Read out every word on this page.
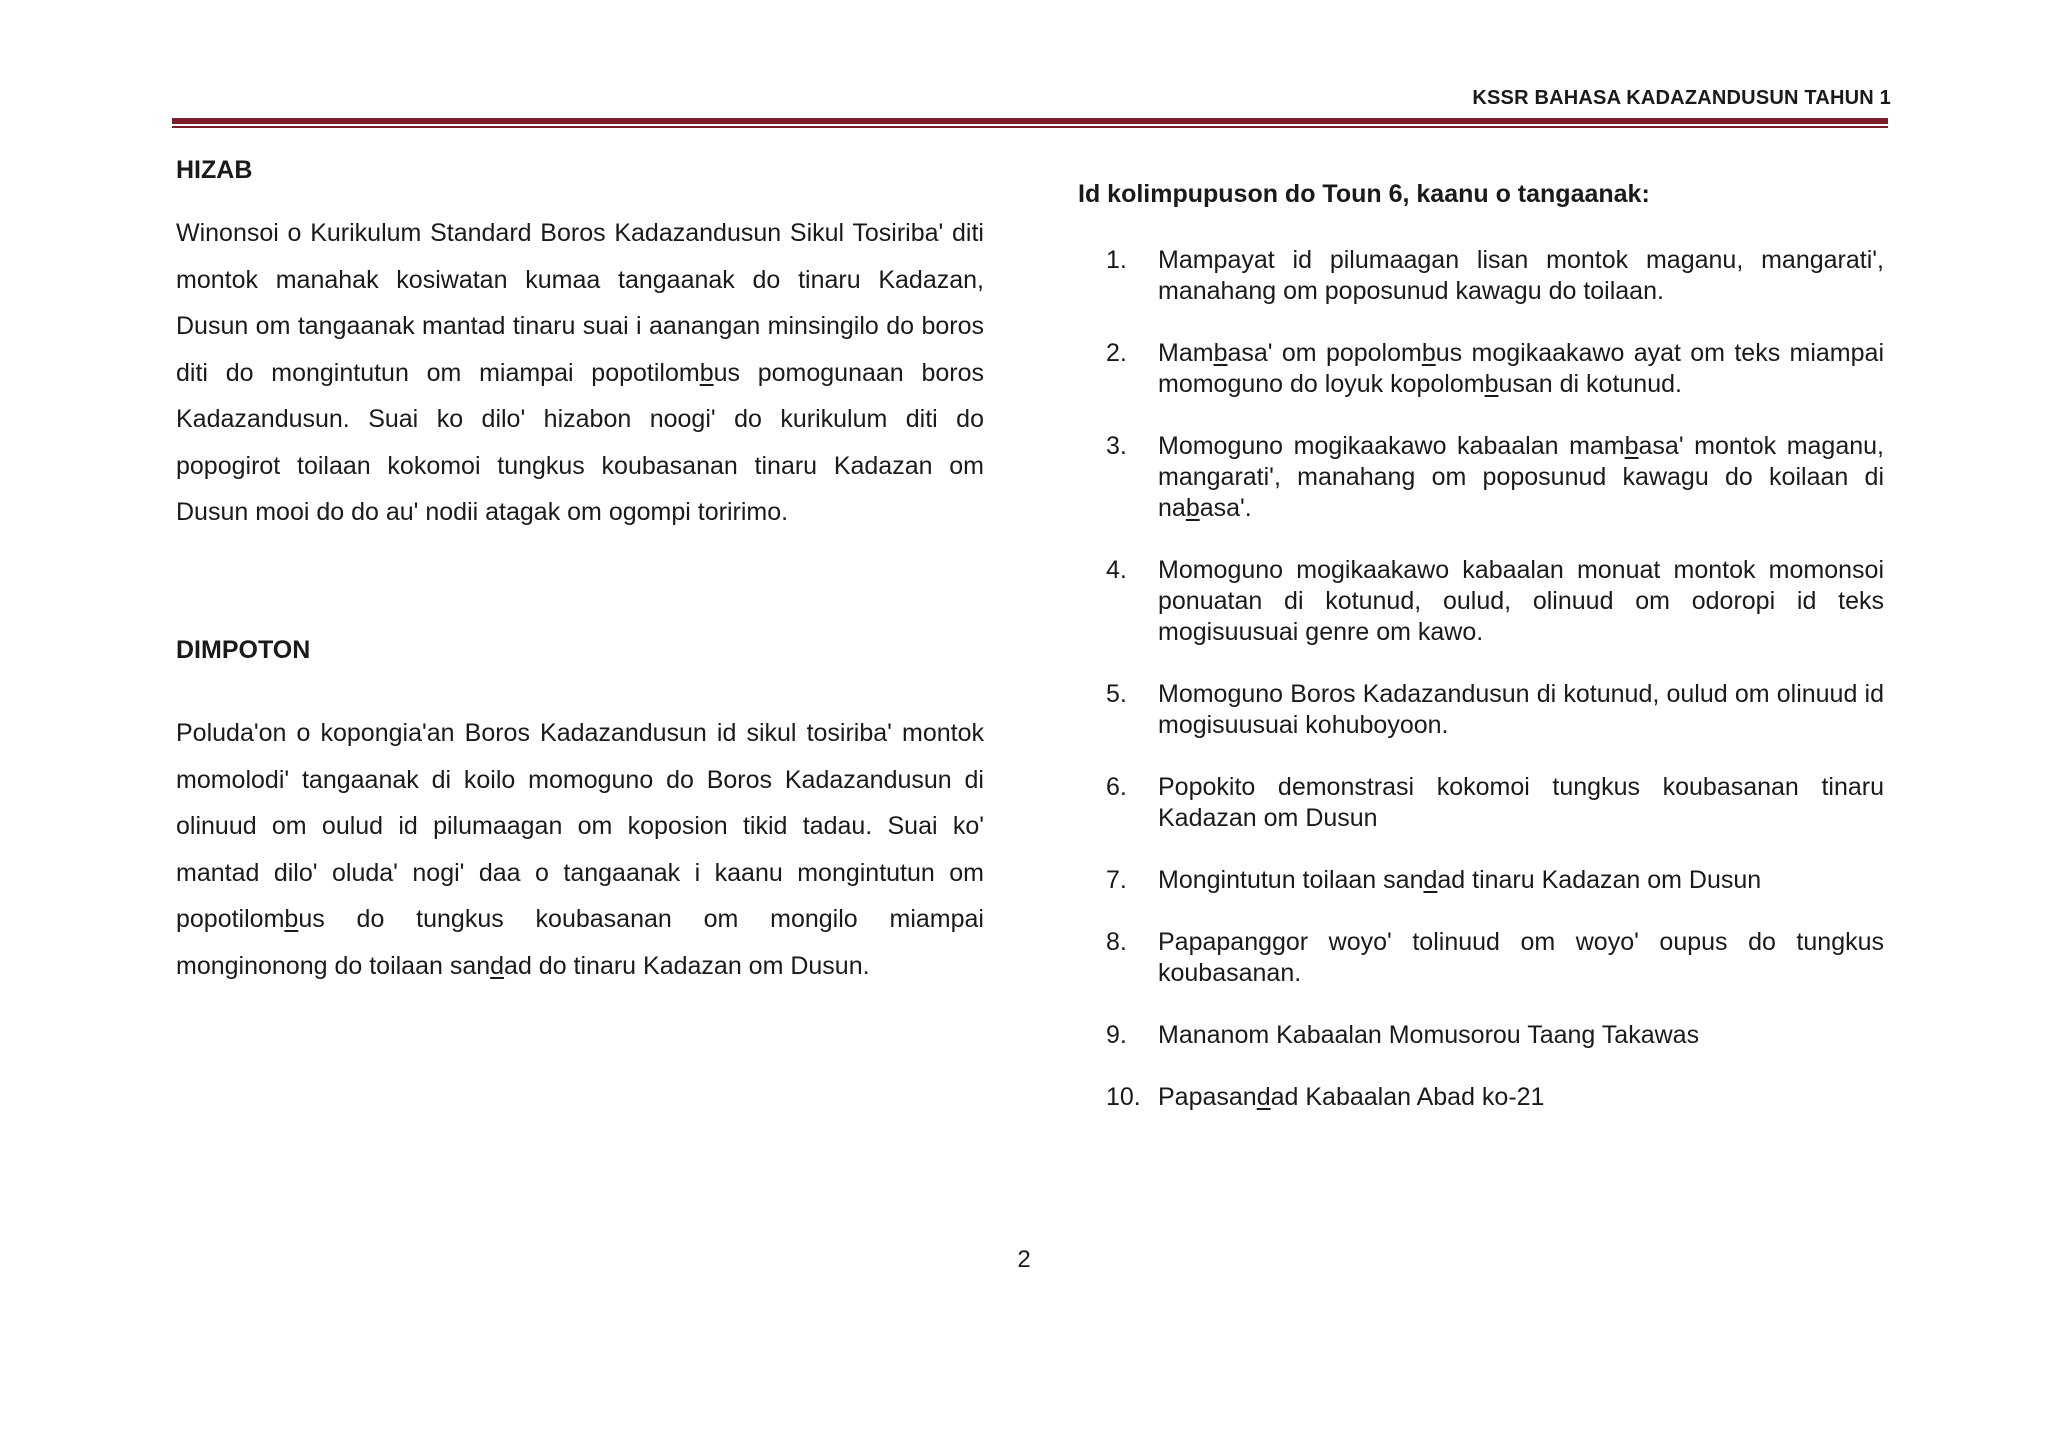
KSSR BAHASA KADAZANDUSUN TAHUN 1
HIZAB

Winonsoi o Kurikulum Standard Boros Kadazandusun Sikul Tosiriba' diti montok manahak kosiwatan kumaa tangaanak do tinaru Kadazan, Dusun om tangaanak mantad tinaru suai i aanangan minsingilo do boros diti do mongintutun om miampai popotilombus pomogunaan boros Kadazandusun. Suai ko dilo' hizabon noogi' do kurikulum diti do popogirot toilaan kokomoi tungkus koubasanan tinaru Kadazan om Dusun mooi do do au' nodii atagak om ogompi toririmo.

DIMPOTON

Poluda'on o kopongia'an Boros Kadazandusun id sikul tosiriba' montok momolodi' tangaanak di koilo momoguno do Boros Kadazandusun di olinuud om oulud id pilumaagan om koposion tikid tadau. Suai ko' mantad dilo' oluda' nogi' daa o tangaanak i kaanu mongintutun om popotilombus do tungkus koubasanan om mongilo miampai monginonong do toilaan sandad do tinaru Kadazan om Dusun.

Id kolimpupuson do Toun 6, kaanu o tangaanak:
1. Mampayat id pilumaagan lisan montok maganu, mangarati', manahang om poposunud kawagu do toilaan.
2. Mambasa' om popolombus mogikaakawo ayat om teks miampai momoguno do loyuk kopolombusan di kotunud.
3. Momoguno mogikaakawo kabaalan mambasa' montok maganu, mangarati', manahang om poposunud kawagu do koilaan di nabasa'.
4. Momoguno mogikaakawo kabaalan monuat montok momonsoi ponuatan di kotunud, oulud, olinuud om odoropi id teks mogisuusuai genre om kawo.
5. Momoguno Boros Kadazandusun di kotunud, oulud om olinuud id mogisuusuai kohuboyoon.
6. Popokito demonstrasi kokomoi tungkus koubasanan tinaru Kadazan om Dusun
7. Mongintutun toilaan sandad tinaru Kadazan om Dusun
8. Papapanggor woyo' tolinuud om woyo' oupus do tungkus koubasanan.
9. Mananom Kabaalan Momusorou Taang Takawas
10. Papasandad Kabaalan Abad ko-21
2
